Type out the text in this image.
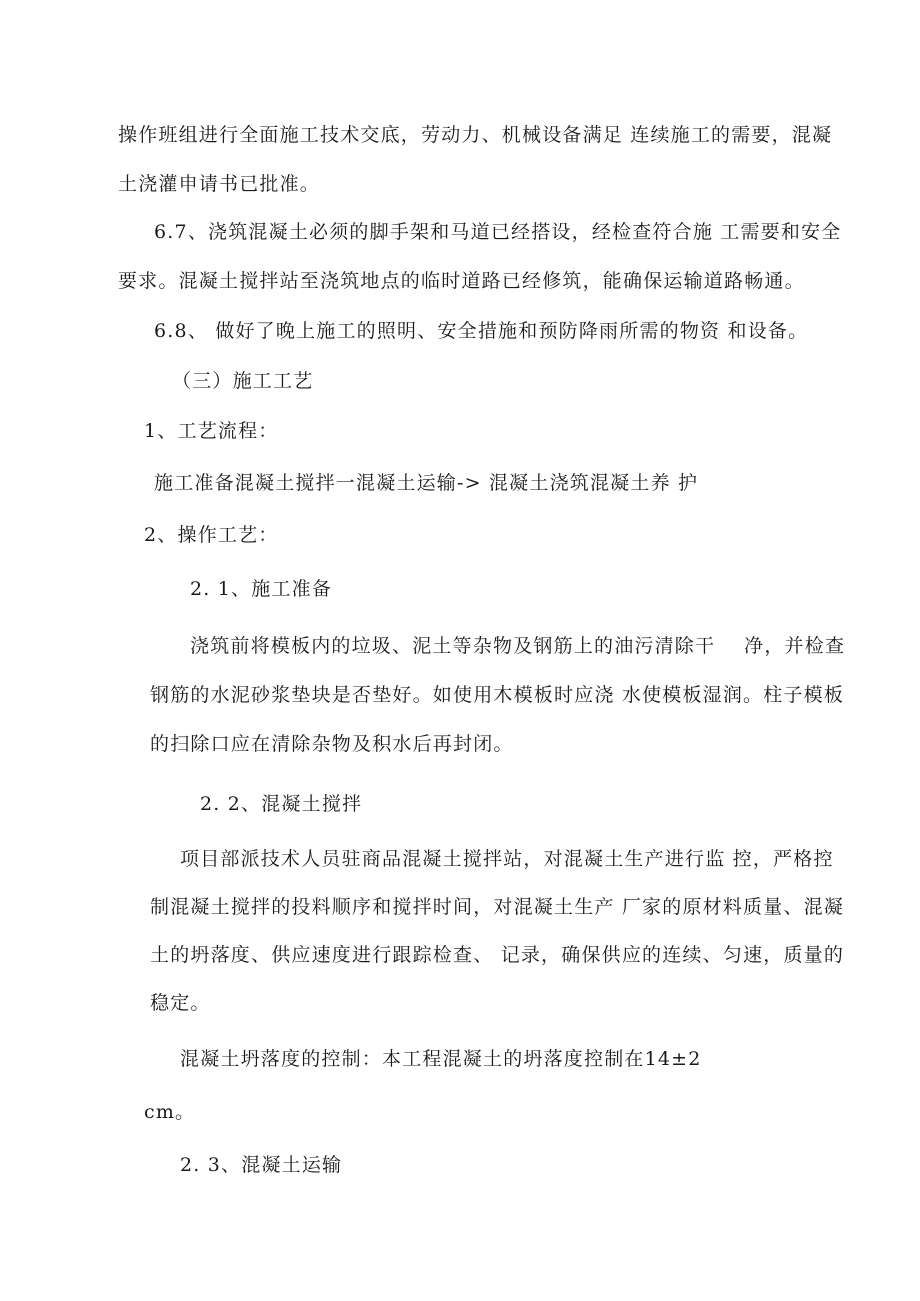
操作班组进行全面施工技术交底，劳动力、机械设备满足 连续施工的需要，混凝
土浇灌申请书已批准。
6.7、浇筑混凝土必须的脚手架和马道已经搭设，经检查符合施 工需要和安全
要求。混凝土搅拌站至浇筑地点的临时道路已经修筑，能确保运输道路畅通。
6.8、 做好了晚上施工的照明、安全措施和预防降雨所需的物资 和设备。
（三）施工工艺
1、工艺流程：
施工准备混凝土搅拌一混凝土运输-> 混凝土浇筑混凝土养 护
2、操作工艺：
2. 1、施工准备
浇筑前将模板内的垃圾、泥土等杂物及钢筋上的油污清除干    净，并检查
钢筋的水泥砂浆垫块是否垫好。如使用木模板时应浇 水使模板湿润。柱子模板
的扫除口应在清除杂物及积水后再封闭。
2. 2、混凝土搅拌
项目部派技术人员驻商品混凝土搅拌站，对混凝土生产进行监 控，严格控
制混凝土搅拌的投料顺序和搅拌时间，对混凝土生产 厂家的原材料质量、混凝
土的坍落度、供应速度进行跟踪检查、 记录，确保供应的连续、匀速，质量的
稳定。
混凝土坍落度的控制：本工程混凝土的坍落度控制在14±2
cm。
2. 3、混凝土运输
